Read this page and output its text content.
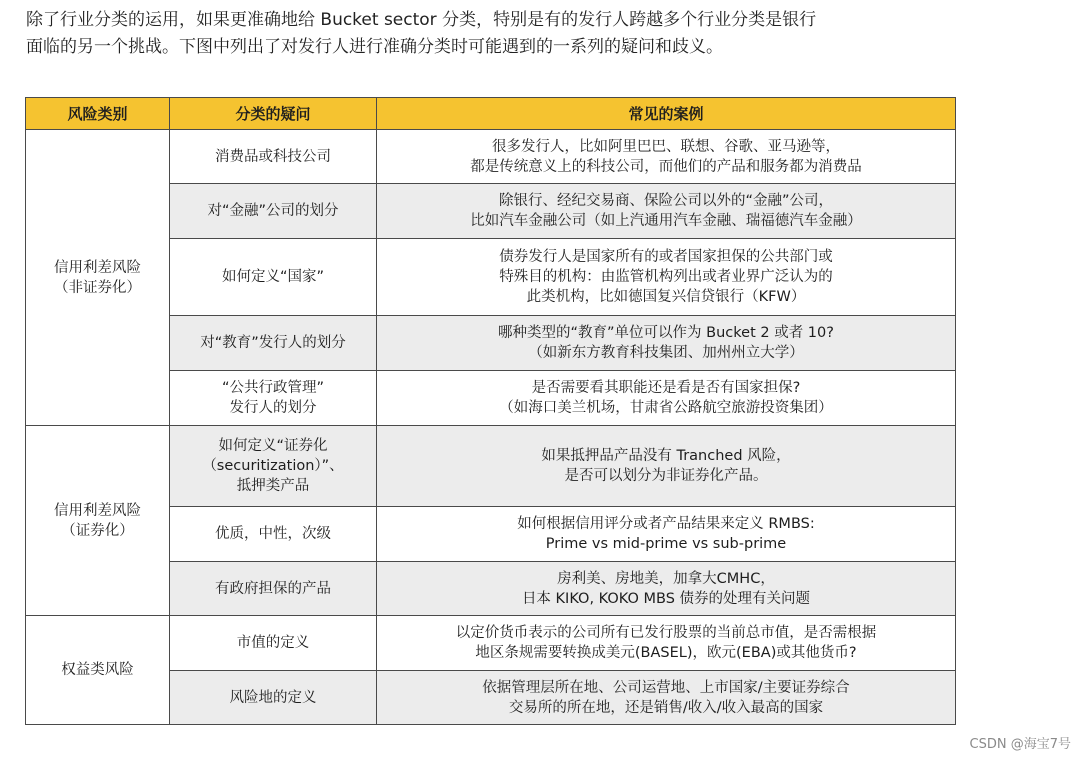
除了行业分类的运用，如果更准确地给 Bucket sector 分类，特别是有的发行人跨越多个行业分类是银行
面临的另一个挑战。下图中列出了对发行人进行准确分类时可能遇到的一系列的疑问和歧义。
风险类别	分类的疑问	常见的案例

信用利差风险
（非证券化）	消费品或科技公司	很多发行人，比如阿里巴巴、联想、谷歌、亚马逊等，
都是传统意义上的科技公司，而他们的产品和服务都为消费品

	对“金融”公司的划分	除银行、经纪交易商、保险公司以外的“金融”公司，
比如汽车金融公司（如上汽通用汽车金融、瑞福德汽车金融）

	如何定义“国家”	债券发行人是国家所有的或者国家担保的公共部门或
特殊目的机构：由监管机构列出或者业界广泛认为的
此类机构，比如德国复兴信贷银行（KFW）

	对“教育”发行人的划分	哪种类型的“教育”单位可以作为 Bucket 2 或者 10?
（如新东方教育科技集团、加州州立大学）

	“公共行政管理”
发行人的划分	是否需要看其职能还是看是否有国家担保?
（如海口美兰机场，甘肃省公路航空旅游投资集团）

信用利差风险
（证券化）	如何定义“证券化
（securitization）”、
抵押类产品	如果抵押品产品没有 Tranched 风险，
是否可以划分为非证券化产品。

	优质，中性，次级	如何根据信用评分或者产品结果来定义 RMBS:
Prime vs mid-prime vs sub-prime

	有政府担保的产品	房利美、房地美，加拿大CMHC，
日本 KIKO, KOKO MBS 债券的处理有关问题

权益类风险	市值的定义	以定价货币表示的公司所有已发行股票的当前总市值，是否需根据
地区条规需要转换成美元(BASEL)，欧元(EBA)或其他货币?

	风险地的定义	依据管理层所在地、公司运营地、上市国家/主要证券综合
交易所的所在地，还是销售/收入/收入最高的国家
CSDN @海宝7号
